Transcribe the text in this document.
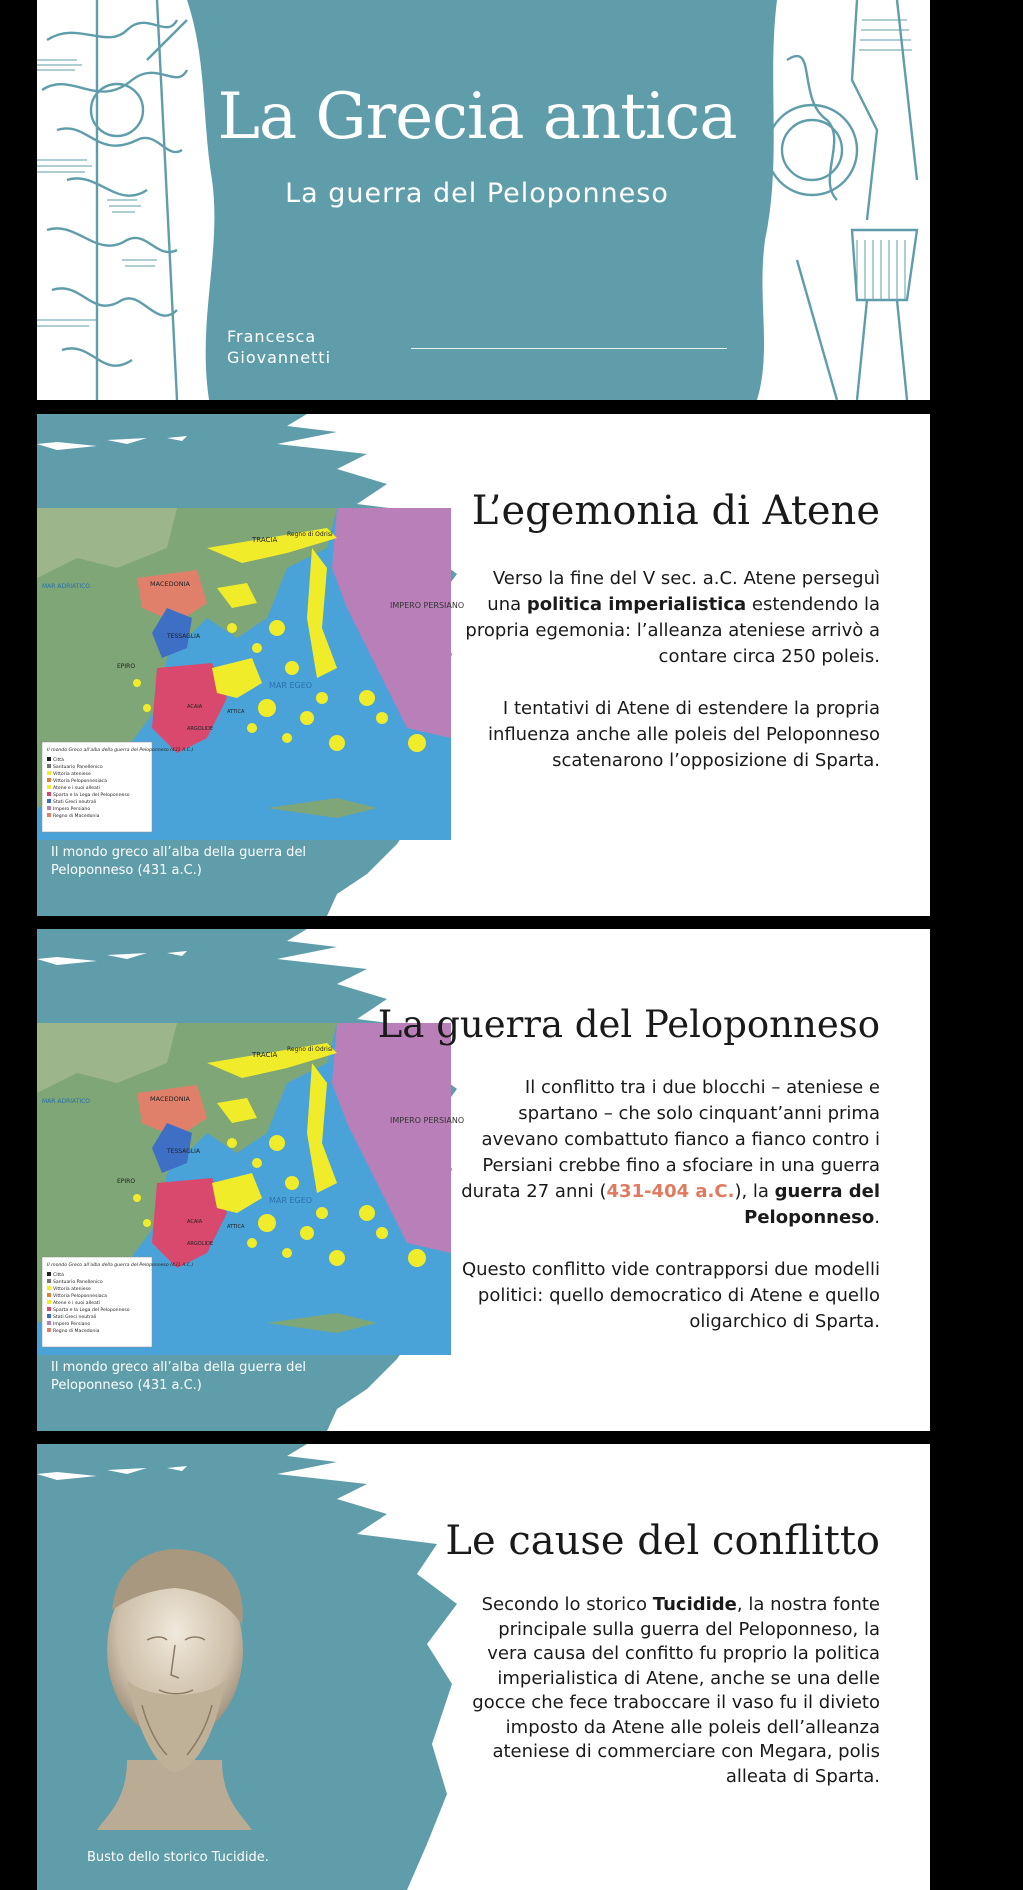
La Grecia antica
La guerra del Peloponneso
Francesca
Giovannetti
TRACIA
Regno di Odrisi
MACEDONIA
IMPERO PERSIANO
EPIRO
TESSAGLIA
MAR EGEO
MAR ADRIATICO
ACAIA
ARGOLIDE
ATTICA
Il mondo Greco all’alba della guerra del Peloponneso (431 A.C.)
Città
Santuario Panellenico
Vittoria ateniese
Vittoria Peloponnesiaca
Atene e i suoi alleati
Sparta e la Lega del Peloponneso
Stati Greci neutrali
Impero Persiano
Regno di Macedonia
Il mondo greco all’alba della guerra del Peloponneso (431 a.C.)
L’egemonia di Atene

Verso la fine del V sec. a.C. Atene perseguì una politica imperialistica estendendo la propria egemonia: l’alleanza ateniese arrivò a contare circa 250 poleis.

I tentativi di Atene di estendere la propria influenza anche alle poleis del Peloponneso scatenarono l’opposizione di Sparta.

TRACIA
Regno di Odrisi
MACEDONIA
IMPERO PERSIANO
EPIRO
TESSAGLIA
MAR EGEO
MAR ADRIATICO
ACAIA
ARGOLIDE
ATTICA
Il mondo Greco all’alba della guerra del Peloponneso (431 A.C.)
Città
Santuario Panellenico
Vittoria ateniese
Vittoria Peloponnesiaca
Atene e i suoi alleati
Sparta e la Lega del Peloponneso
Stati Greci neutrali
Impero Persiano
Regno di Macedonia
Il mondo greco all’alba della guerra del Peloponneso (431 a.C.)
La guerra del Peloponneso

Il conflitto tra i due blocchi – ateniese e spartano – che solo cinquant’anni prima avevano combattuto fianco a fianco contro i Persiani crebbe fino a sfociare in una guerra durata 27 anni (431-404 a.C.), la guerra del Peloponneso.

Questo conflitto vide contrapporsi due modelli politici: quello democratico di Atene e quello oligarchico di Sparta.

Busto dello storico Tucidide.
Le cause del conflitto

Secondo lo storico Tucidide, la nostra fonte principale sulla guerra del Peloponneso, la vera causa del confitto fu proprio la politica imperialistica di Atene, anche se una delle gocce che fece traboccare il vaso fu il divieto imposto da Atene alle poleis dell’alleanza ateniese di commerciare con Megara, polis alleata di Sparta.
